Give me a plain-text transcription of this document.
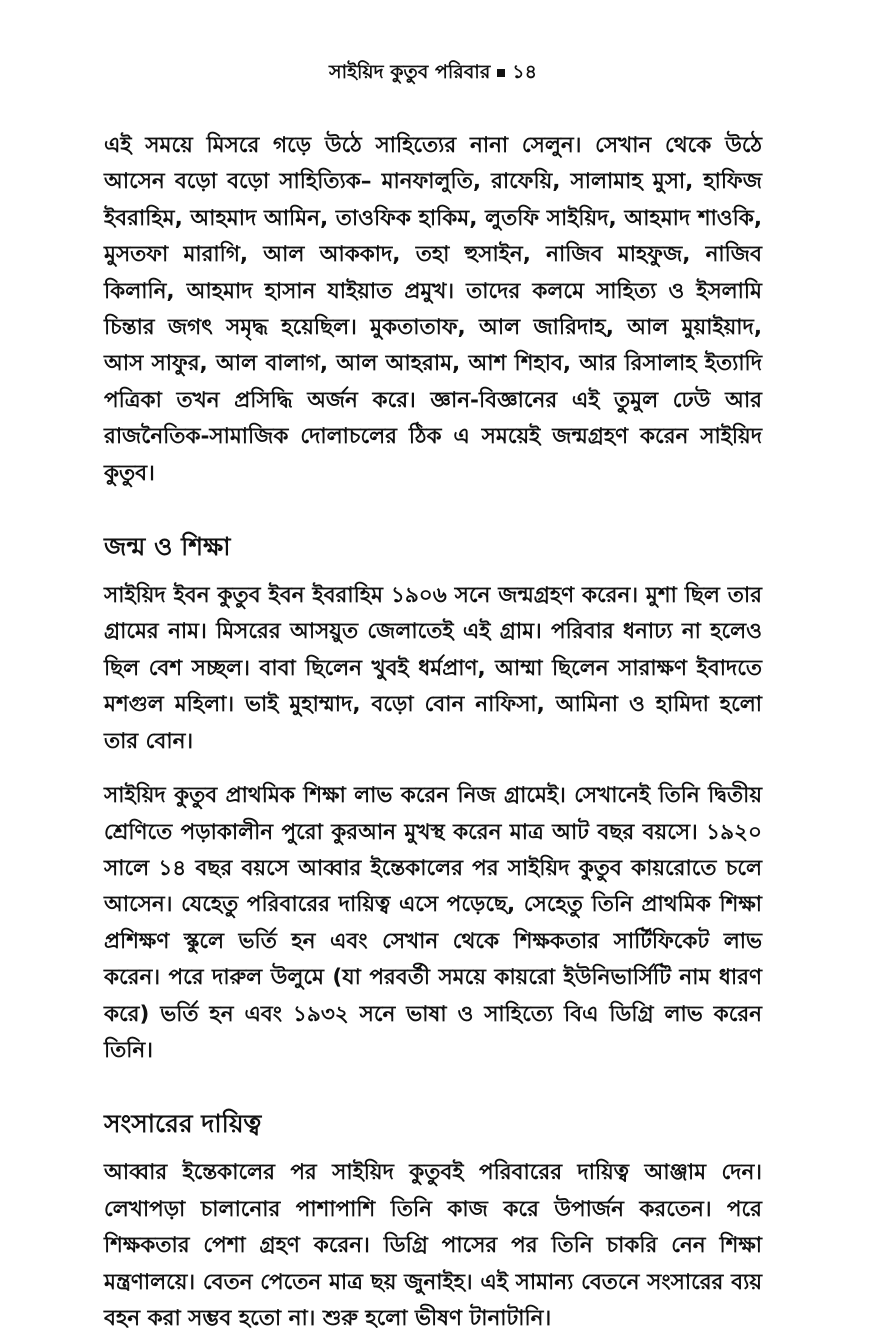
সাইয়িদ কুতুব পরিবার ১৪

এই সময়ে মিসরে গড়ে উঠে সাহিত্যের নানা সেলুন। সেখান থেকে উঠে আসেন বড়ো বড়ো সাহিত্যিক– মানফালুতি, রাফেয়ি, সালামাহ মুসা, হাফিজ ইবরাহিম, আহমাদ আমিন, তাওফিক হাকিম, লুতফি সাইয়িদ, আহমাদ শাওকি, মুসতফা মারাগি, আল আককাদ, তহা হুসাইন, নাজিব মাহফুজ, নাজিব কিলানি, আহমাদ হাসান যাইয়াত প্রমুখ। তাদের কলমে সাহিত্য ও ইসলামি চিন্তার জগৎ সমৃদ্ধ হয়েছিল। মুকতাতাফ, আল জারিদাহ, আল মুয়াইয়াদ, আস সাফুর, আল বালাগ, আল আহরাম, আশ শিহাব, আর রিসালাহ ইত্যাদি পত্রিকা তখন প্রসিদ্ধি অর্জন করে। জ্ঞান-বিজ্ঞানের এই তুমুল ঢেউ আর রাজনৈতিক-সামাজিক দোলাচলের ঠিক এ সময়েই জন্মগ্রহণ করেন সাইয়িদ কুতুব।

জন্ম ও শিক্ষা

সাইয়িদ ইবন কুতুব ইবন ইবরাহিম ১৯০৬ সনে জন্মগ্রহণ করেন। মুশা ছিল তার গ্রামের নাম। মিসরের আসয়ুত জেলাতেই এই গ্রাম। পরিবার ধনাঢ্য না হলেও ছিল বেশ সচ্ছল। বাবা ছিলেন খুবই ধর্মপ্রাণ, আম্মা ছিলেন সারাক্ষণ ইবাদতে মশগুল মহিলা। ভাই মুহাম্মাদ, বড়ো বোন নাফিসা, আমিনা ও হামিদা হলো তার বোন।

সাইয়িদ কুতুব প্রাথমিক শিক্ষা লাভ করেন নিজ গ্রামেই। সেখানেই তিনি দ্বিতীয় শ্রেণিতে পড়াকালীন পুরো কুরআন মুখস্থ করেন মাত্র আট বছর বয়সে। ১৯২০ সালে ১৪ বছর বয়সে আব্বার ইন্তেকালের পর সাইয়িদ কুতুব কায়রোতে চলে আসেন। যেহেতু পরিবারের দায়িত্ব এসে পড়েছে, সেহেতু তিনি প্রাথমিক শিক্ষা প্রশিক্ষণ স্কুলে ভর্তি হন এবং সেখান থেকে শিক্ষকতার সার্টিফিকেট লাভ করেন। পরে দারুল উলুমে (যা পরবর্তী সময়ে কায়রো ইউনিভার্সিটি নাম ধারণ করে) ভর্তি হন এবং ১৯৩২ সনে ভাষা ও সাহিত্যে বিএ ডিগ্রি লাভ করেন তিনি।

সংসারের দায়িত্ব

আব্বার ইন্তেকালের পর সাইয়িদ কুতুবই পরিবারের দায়িত্ব আঞ্জাম দেন। লেখাপড়া চালানোর পাশাপাশি তিনি কাজ করে উপার্জন করতেন। পরে শিক্ষকতার পেশা গ্রহণ করেন। ডিগ্রি পাসের পর তিনি চাকরি নেন শিক্ষা মন্ত্রণালয়ে। বেতন পেতেন মাত্র ছয় জুনাইহ। এই সামান্য বেতনে সংসারের ব্যয় বহন করা সম্ভব হতো না। শুরু হলো ভীষণ টানাটানি।
